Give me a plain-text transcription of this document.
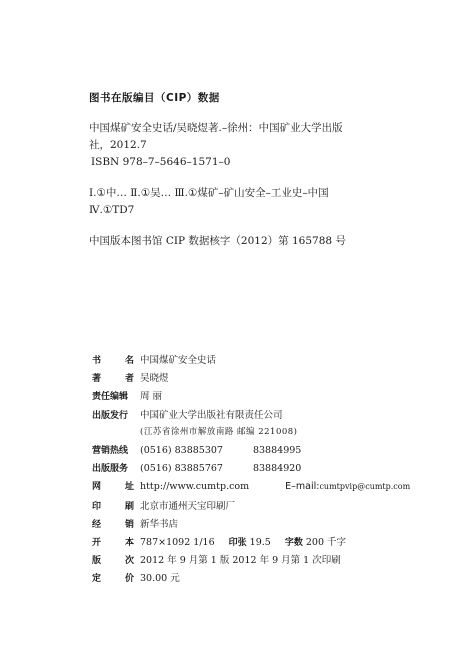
图书在版编目（CIP）数据

中国煤矿安全史话/吴晓煜著.–徐州：中国矿业大学出版

社，2012.7

ISBN 978–7–5646–1571–0

Ⅰ.①中… Ⅱ.①吴… Ⅲ.①煤矿–矿山安全–工业史–中国

Ⅳ.①TD7

中国版本图书馆 CIP 数据核字（2012）第 165788 号

书	名 中国煤矿安全史话
著	者 吴晓煜
责任编辑	周 丽
出版发行	中国矿业大学出版社有限责任公司
(江苏省徐州市解放南路 邮编 221008)
营销热线	(0516) 83885307	83884995
出版服务	(0516) 83885767	83884920
网	址 http://www.cumtp.com	E–mail:cumtpvip@cumtp.com
印	刷 北京市通州天宝印刷厂
经	销 新华书店
开	本 787×1092 1/16 印张 19.5 字数 200 千字
版	次 2012 年 9 月第 1 版 2012 年 9 月第 1 次印刷
定	价 30.00 元
